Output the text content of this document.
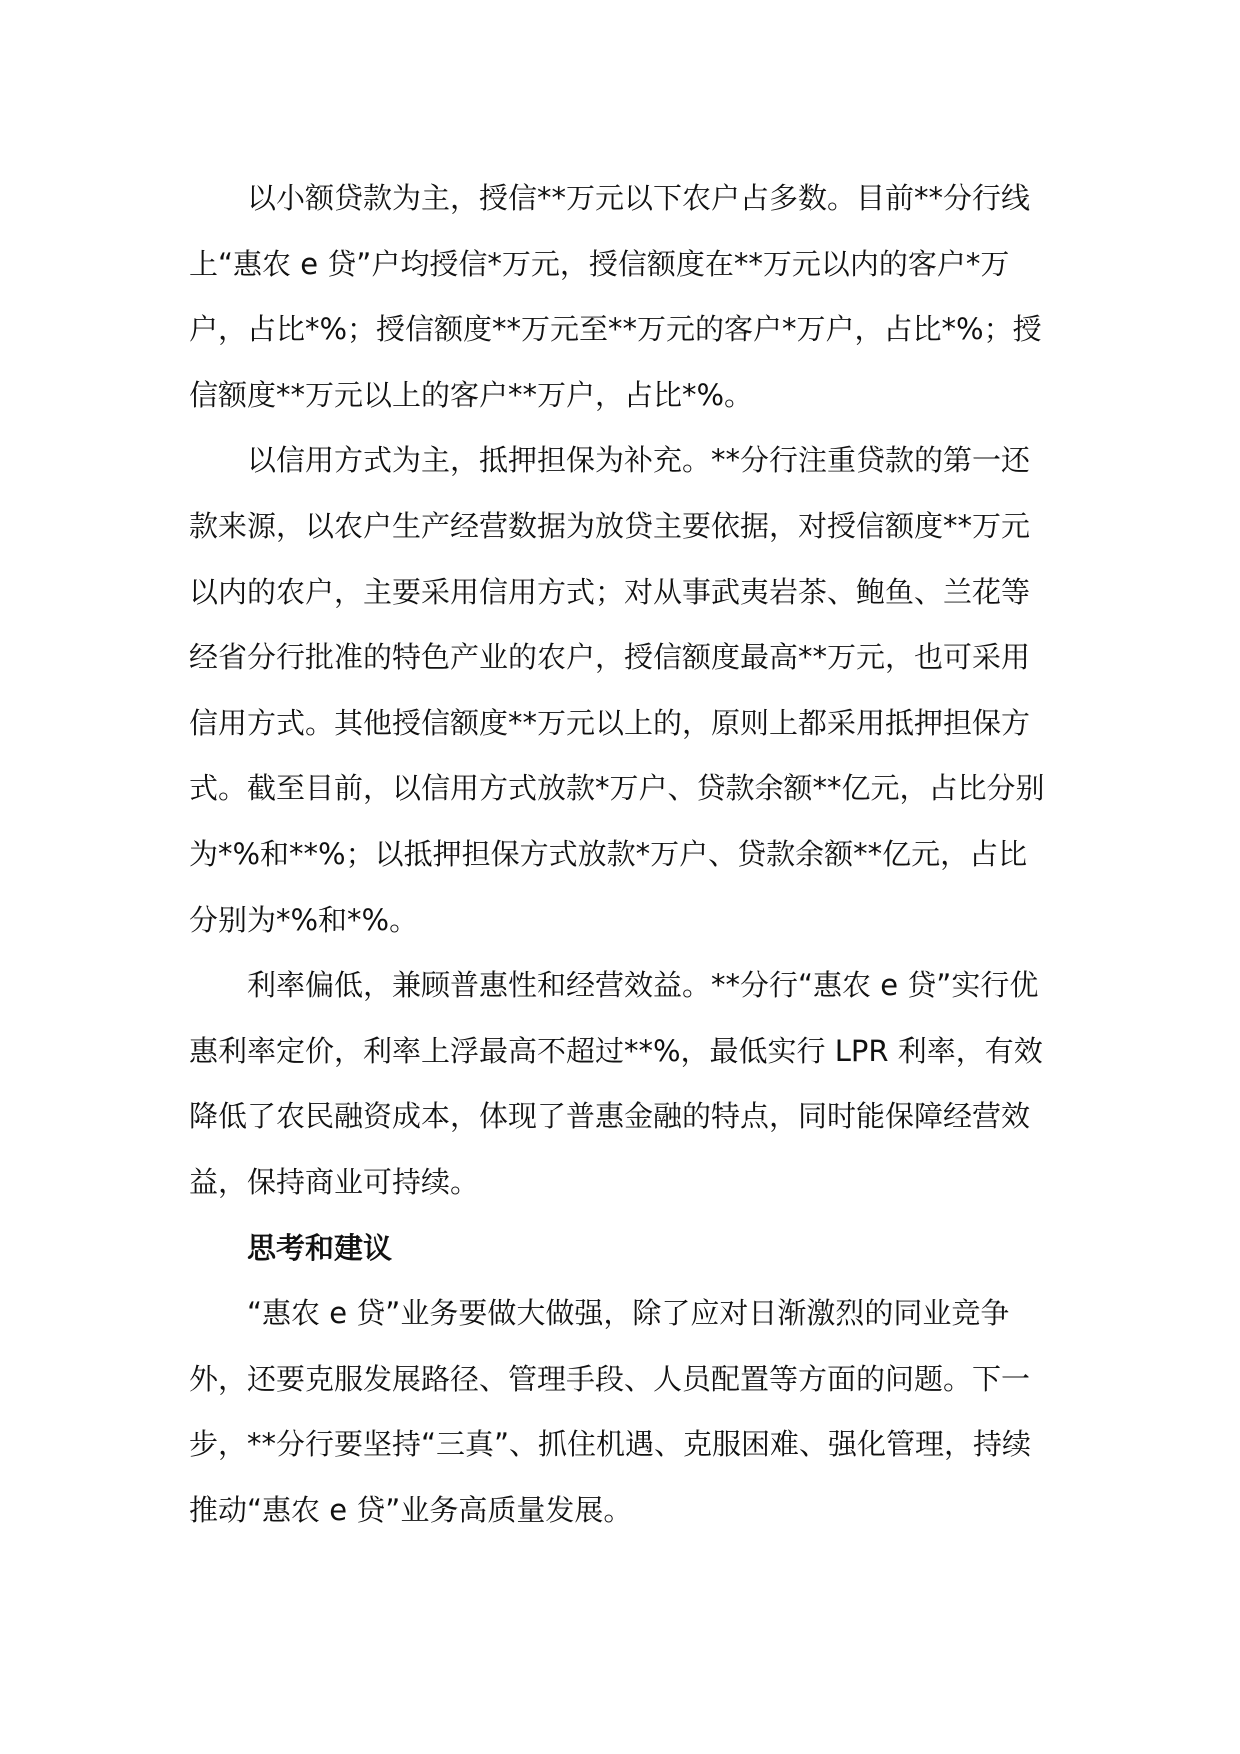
以小额贷款为主，授信**万元以下农户占多数。目前**分行线上“惠农 e 贷”户均授信*万元，授信额度在**万元以内的客户*万户，占比*%；授信额度**万元至**万元的客户*万户，占比*%；授信额度**万元以上的客户**万户，占比*%。

以信用方式为主，抵押担保为补充。**分行注重贷款的第一还款来源，以农户生产经营数据为放贷主要依据，对授信额度**万元以内的农户，主要采用信用方式；对从事武夷岩茶、鲍鱼、兰花等经省分行批准的特色产业的农户，授信额度最高**万元，也可采用信用方式。其他授信额度**万元以上的，原则上都采用抵押担保方式。截至目前，以信用方式放款*万户、贷款余额**亿元，占比分别为*%和**%；以抵押担保方式放款*万户、贷款余额**亿元，占比分别为*%和*%。

利率偏低，兼顾普惠性和经营效益。**分行“惠农 e 贷”实行优惠利率定价，利率上浮最高不超过**%，最低实行 LPR 利率，有效降低了农民融资成本，体现了普惠金融的特点，同时能保障经营效益，保持商业可持续。

思考和建议

“惠农 e 贷”业务要做大做强，除了应对日渐激烈的同业竞争外，还要克服发展路径、管理手段、人员配置等方面的问题。下一步，**分行要坚持“三真”、抓住机遇、克服困难、强化管理，持续推动“惠农 e 贷”业务高质量发展。
